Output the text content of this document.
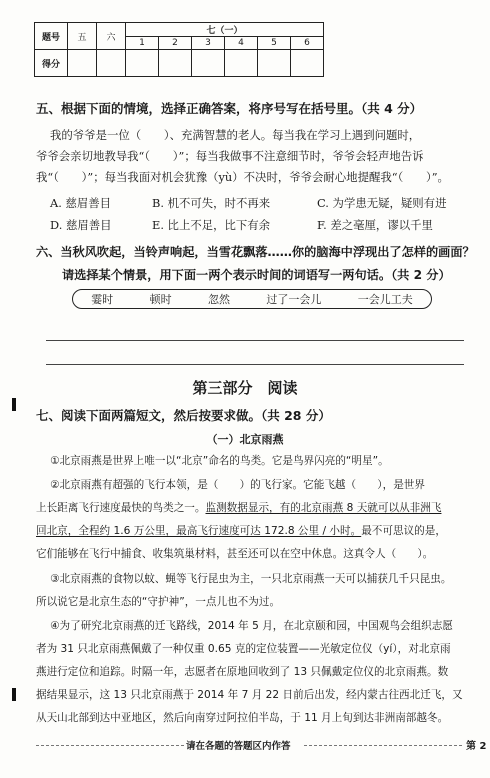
题号	五	六	七（一）					
			1	2	3	4	5	6
得分								
五、根据下面的情境，选择正确答案，将序号写在括号里。（共 4 分）
我的爷爷是一位（　　）、充满智慧的老人。每当我在学习上遇到问题时，
爷爷会亲切地教导我“（　　）”；每当我做事不注意细节时，爷爷会轻声地告诉
我“（　　）”；每当我面对机会犹豫（yù）不决时，爷爷会耐心地提醒我“（　　）”。
A. 慈眉善目	B. 机不可失，时不再来	C. 为学患无疑，疑则有进
D. 慈眉善目	E. 比上不足，比下有余	F. 差之毫厘，谬以千里
六、当秋风吹起，当铃声响起，当雪花飘落……你的脑海中浮现出了怎样的画面？
请选择某个情景，用下面一两个表示时间的词语写一两句话。（共 2 分）
霎时	顿时	忽然	过了一会儿	一会儿工夫
第三部分　阅读
七、阅读下面两篇短文，然后按要求做。（共 28 分）
（一）北京雨燕
①北京雨燕是世界上唯一以“北京”命名的鸟类。它是鸟界闪亮的“明星”。
②北京雨燕有超强的飞行本领，是（　　）的飞行家。它能飞越（　　），是世界
上长距离飞行速度最快的鸟类之一。监测数据显示，有的北京雨燕 8 天就可以从非洲飞
回北京，全程约 1.6 万公里，最高飞行速度可达 172.8 公里 / 小时。最不可思议的是，
它们能够在飞行中捕食、收集筑巢材料，甚至还可以在空中休息。这真令人（　　）。
③北京雨燕的食物以蚊、蝇等飞行昆虫为主，一只北京雨燕一天可以捕获几千只昆虫。
所以说它是北京生态的“守护神”，一点儿也不为过。
④为了研究北京雨燕的迁飞路线，2014 年 5 月，在北京颐和园，中国观鸟会组织志愿
者为 31 只北京雨燕佩戴了一种仅重 0.65 克的定位装置——光敏定位仪（yí），对北京雨
燕进行定位和追踪。时隔一年，志愿者在原地回收到了 13 只佩戴定位仪的北京雨燕。数
据结果显示，这 13 只北京雨燕于 2014 年 7 月 22 日前后出发，经内蒙古往西北迁飞，又
从天山北部到达中亚地区，然后向南穿过阿拉伯半岛，于 11 月上旬到达非洲南部越冬。
请在各题的答题区内作答	第 2
